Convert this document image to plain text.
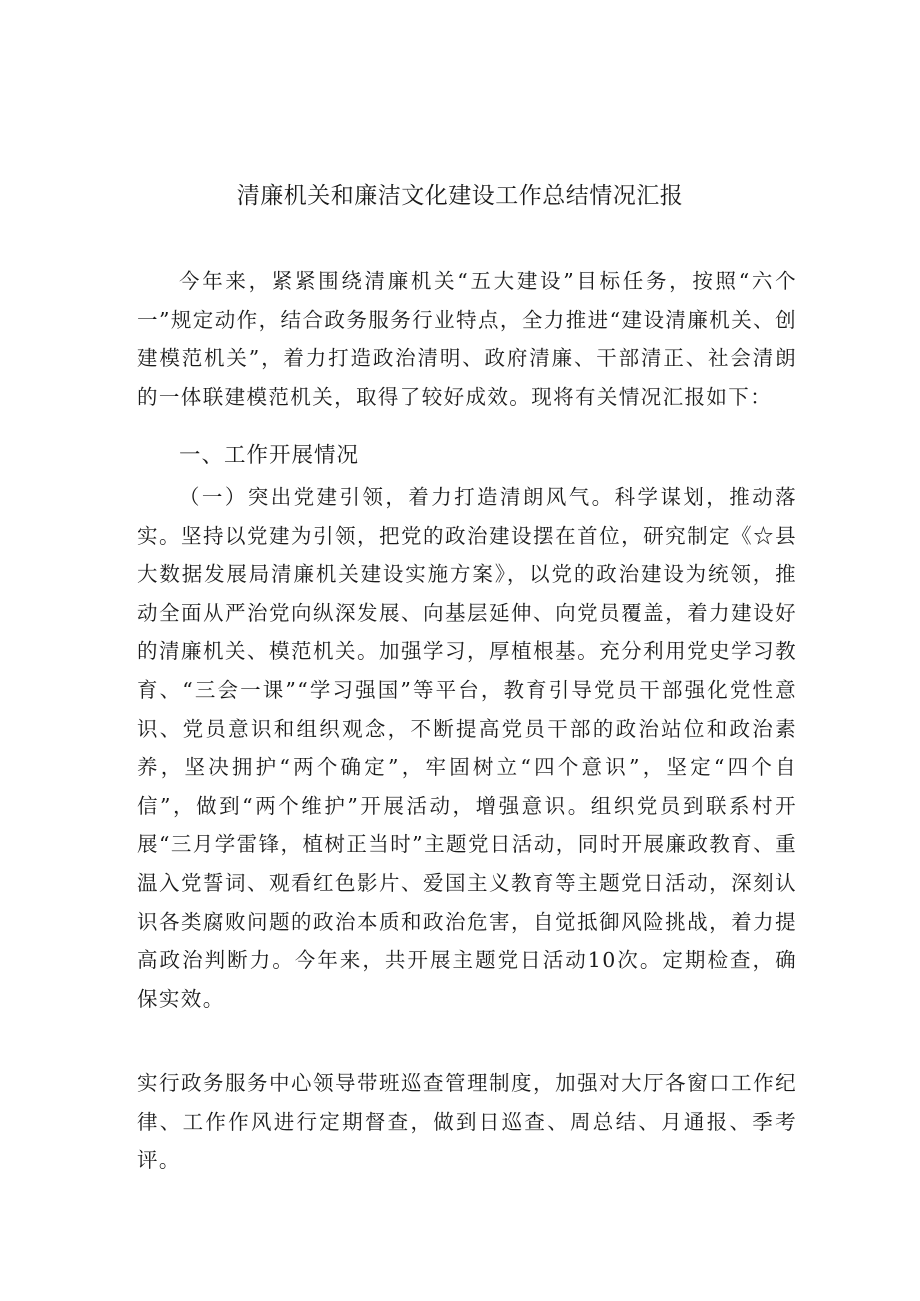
清廉机关和廉洁文化建设工作总结情况汇报

今年来，紧紧围绕清廉机关“五大建设”目标任务，按照“六个一”规定动作，结合政务服务行业特点，全力推进“建设清廉机关、创建模范机关”，着力打造政治清明、政府清廉、干部清正、社会清朗的一体联建模范机关，取得了较好成效。现将有关情况汇报如下：

一、工作开展情况

（一）突出党建引领，着力打造清朗风气。科学谋划，推动落实。坚持以党建为引领，把党的政治建设摆在首位，研究制定《☆县大数据发展局清廉机关建设实施方案》，以党的政治建设为统领，推动全面从严治党向纵深发展、向基层延伸、向党员覆盖，着力建设好的清廉机关、模范机关。加强学习，厚植根基。充分利用党史学习教育、“三会一课”“学习强国”等平台，教育引导党员干部强化党性意识、党员意识和组织观念，不断提高党员干部的政治站位和政治素养，坚决拥护“两个确定”，牢固树立“四个意识”，坚定“四个自信”，做到“两个维护”开展活动，增强意识。组织党员到联系村开展“三月学雷锋，植树正当时”主题党日活动，同时开展廉政教育、重温入党誓词、观看红色影片、爱国主义教育等主题党日活动，深刻认识各类腐败问题的政治本质和政治危害，自觉抵御风险挑战，着力提高政治判断力。今年来，共开展主题党日活动10次。定期检查，确保实效。

实行政务服务中心领导带班巡查管理制度，加强对大厅各窗口工作纪律、工作作风进行定期督查，做到日巡查、周总结、月通报、季考评。
